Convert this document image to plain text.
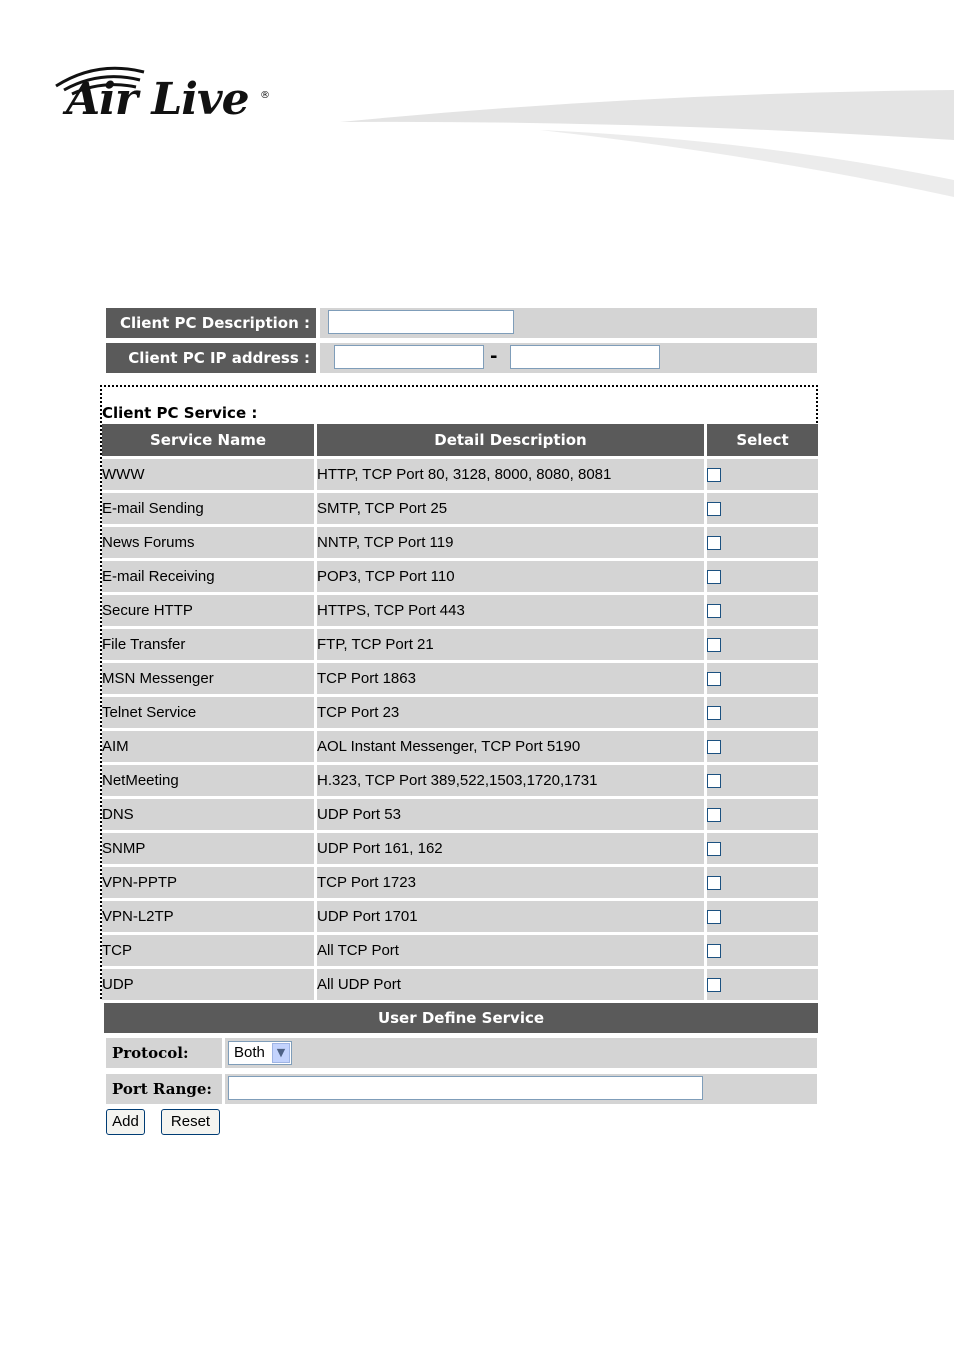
Air Live ®
Client PC Description :
Client PC IP address :	-
Client PC Service :
Service Name	Detail Description	Select
WWW	HTTP, TCP Port 80, 3128, 8000, 8080, 8081	
E-mail Sending	SMTP, TCP Port 25	
News Forums	NNTP, TCP Port 119	
E-mail Receiving	POP3, TCP Port 110	
Secure HTTP	HTTPS, TCP Port 443	
File Transfer	FTP, TCP Port 21	
MSN Messenger	TCP Port 1863	
Telnet Service	TCP Port 23	
AIM	AOL Instant Messenger, TCP Port 5190	
NetMeeting	H.323, TCP Port 389,522,1503,1720,1731	
DNS	UDP Port 53	
SNMP	UDP Port 161, 162	
VPN-PPTP	TCP Port 1723	
VPN-L2TP	UDP Port 1701	
TCP	All TCP Port	
UDP	All UDP Port	
User Define Service
Protocol:	Both	▼
Port Range:
Add	Reset
